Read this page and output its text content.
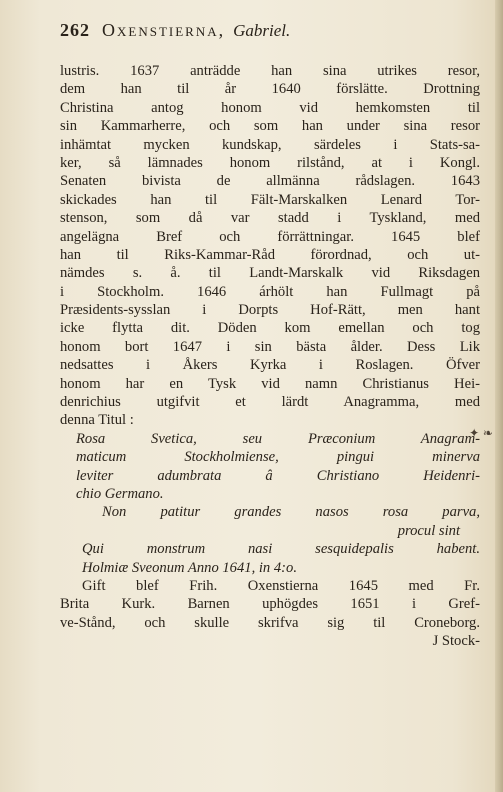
262 Oxenstierna, Gabriel.
✦ ❧
lustris. 1637 anträdde han sina utrikes resor,
dem han til år 1640 förslätte. Drottning
Christina antog honom vid hemkomsten til
sin Kammarherre, och som han under sina resor
inhämtat mycken kundskap, särdeles i Stats-sa-
ker, så lämnades honom rilstånd, at i Kongl.
Senaten bivista de allmänna rådslagen. 1643
skickades han til Fält-Marskalken Lenard Tor-
stenson, som då var stadd i Tyskland, med
angelägna Bref och förrättningar. 1645 blef
han til Riks-Kammar-Råd förordnad, och ut-
nämdes s. å. til Landt-Marskalk vid Riksdagen
i Stockholm. 1646 árhölt han Fullmagt på
Præsidents-sysslan i Dorpts Hof-Rätt, men hant
icke flytta dit. Döden kom emellan och tog
honom bort 1647 i sin bästa ålder. Dess Lik
nedsattes i Åkers Kyrka i Roslagen. Öfver
honom har en Tysk vid namn Christianus Hei-
denrichius utgifvit et lärdt Anagramma, med
denna Titul :
Rosa Svetica, seu Præconium Anagram-
maticum Stockholmiense, pingui minerva
leviter adumbrata â Christiano Heidenri-
chio Germano.
Non patitur grandes nasos rosa parva,
procul sint
Qui monstrum nasi sesquidepalis habent.
Holmiæ Sveonum Anno 1641, in 4:o.
Gift blef Frih. Oxenstierna 1645 med Fr.
Brita Kurk. Barnen uphögdes 1651 i Gref-
ve-Stånd, och skulle skrifva sig til Croneborg.
J Stock-
